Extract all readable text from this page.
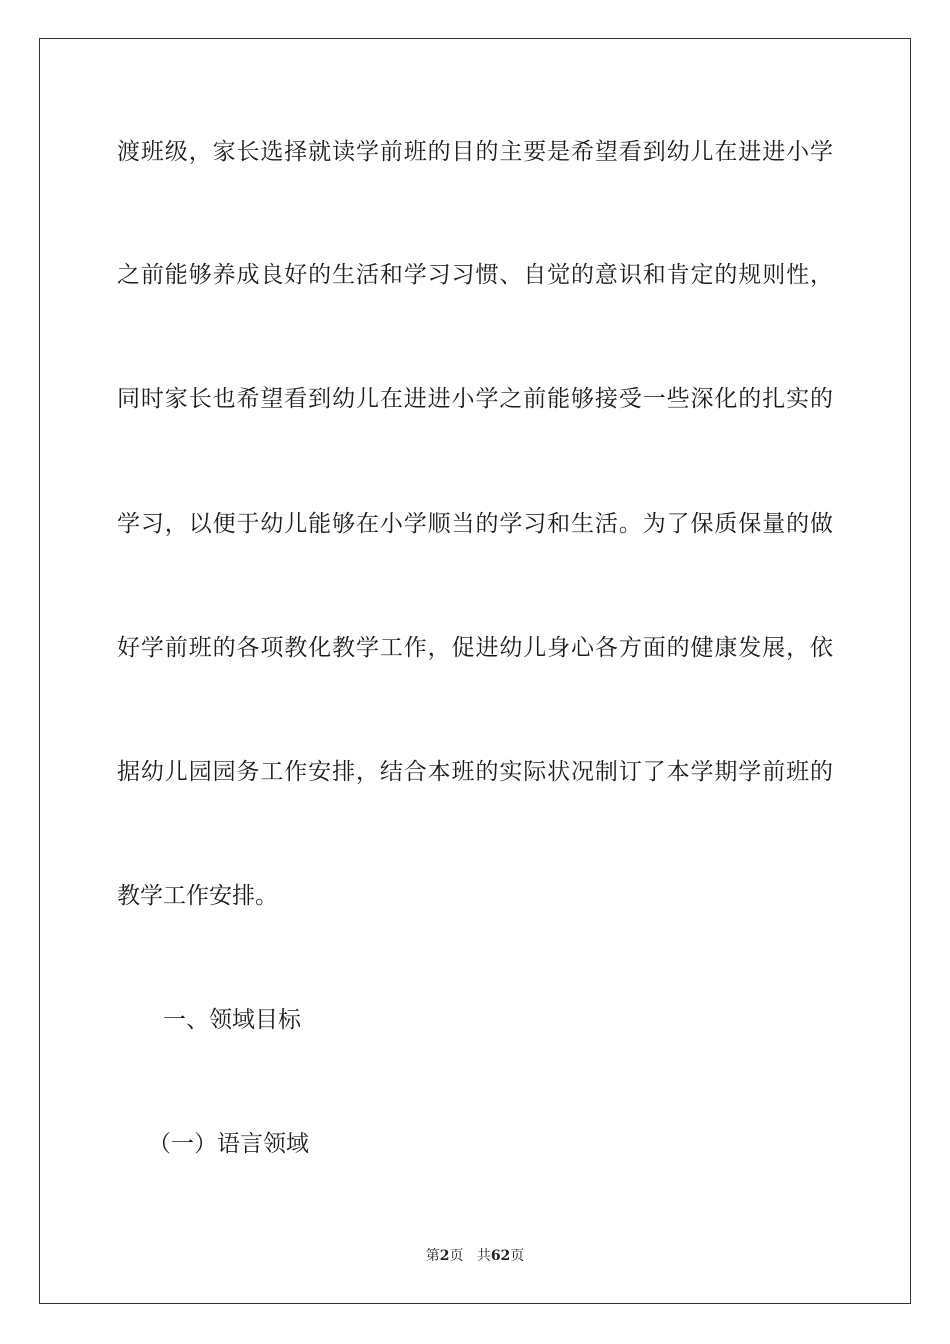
渡班级，家长选择就读学前班的目的主要是希望看到幼儿在进进小学
之前能够养成良好的生活和学习习惯、自觉的意识和肯定的规则性，
同时家长也希望看到幼儿在进进小学之前能够接受一些深化的扎实的
学习，以便于幼儿能够在小学顺当的学习和生活。为了保质保量的做
好学前班的各项教化教学工作，促进幼儿身心各方面的健康发展，依
据幼儿园园务工作安排，结合本班的实际状况制订了本学期学前班的
教学工作安排。
一、领域目标
（一）语言领域
第2页 共62页
